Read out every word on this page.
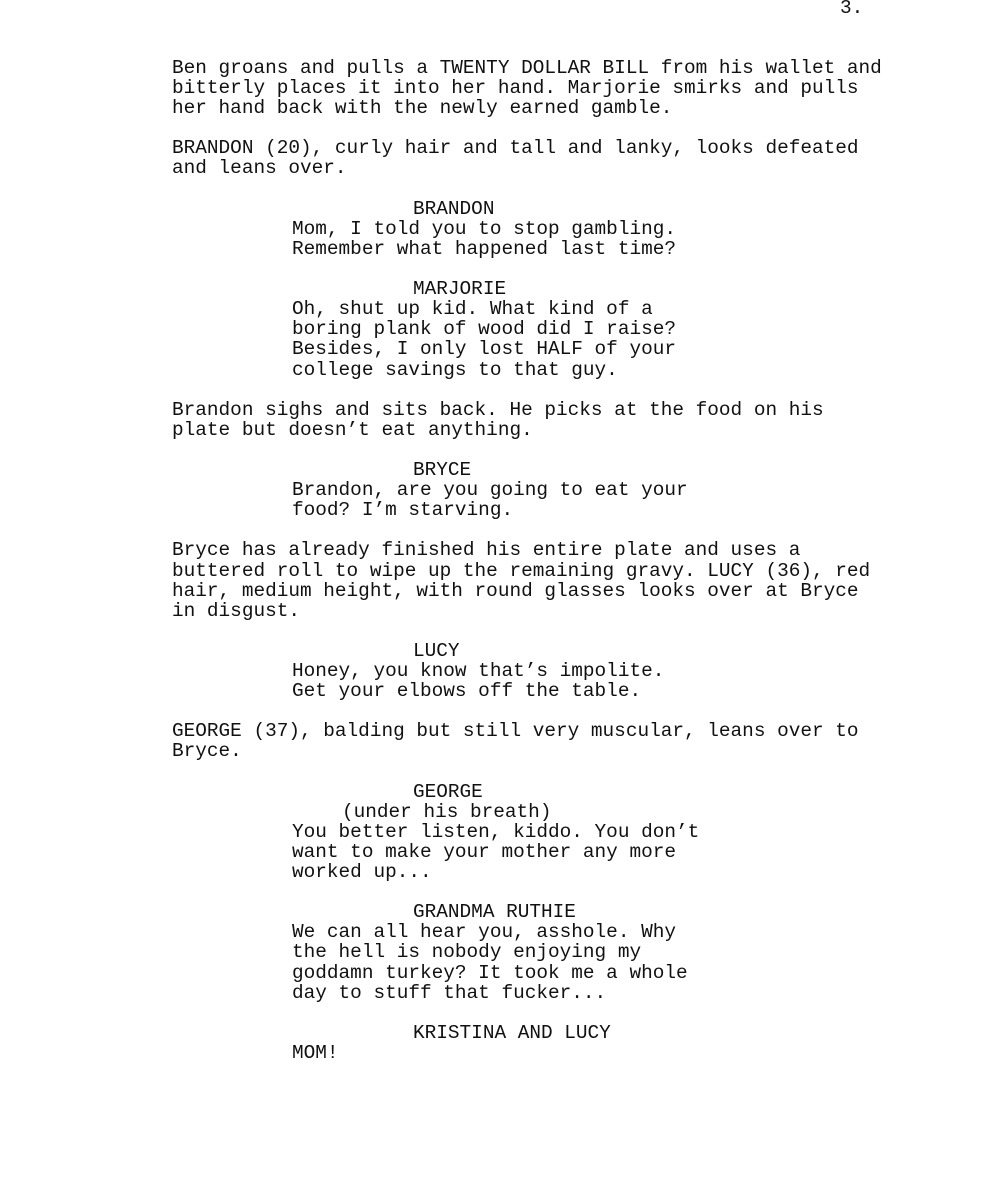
3.
Ben groans and pulls a TWENTY DOLLAR BILL from his wallet and
bitterly places it into her hand. Marjorie smirks and pulls
her hand back with the newly earned gamble.
BRANDON (20), curly hair and tall and lanky, looks defeated
and leans over.
BRANDON
Mom, I told you to stop gambling.
Remember what happened last time?
MARJORIE
Oh, shut up kid. What kind of a
boring plank of wood did I raise?
Besides, I only lost HALF of your
college savings to that guy.
Brandon sighs and sits back. He picks at the food on his
plate but doesn’t eat anything.
BRYCE
Brandon, are you going to eat your
food? I’m starving.
Bryce has already finished his entire plate and uses a
buttered roll to wipe up the remaining gravy. LUCY (36), red
hair, medium height, with round glasses looks over at Bryce
in disgust.
LUCY
Honey, you know that’s impolite.
Get your elbows off the table.
GEORGE (37), balding but still very muscular, leans over to
Bryce.
GEORGE
(under his breath)
You better listen, kiddo. You don’t
want to make your mother any more
worked up...
GRANDMA RUTHIE
We can all hear you, asshole. Why
the hell is nobody enjoying my
goddamn turkey? It took me a whole
day to stuff that fucker...
KRISTINA AND LUCY
MOM!
